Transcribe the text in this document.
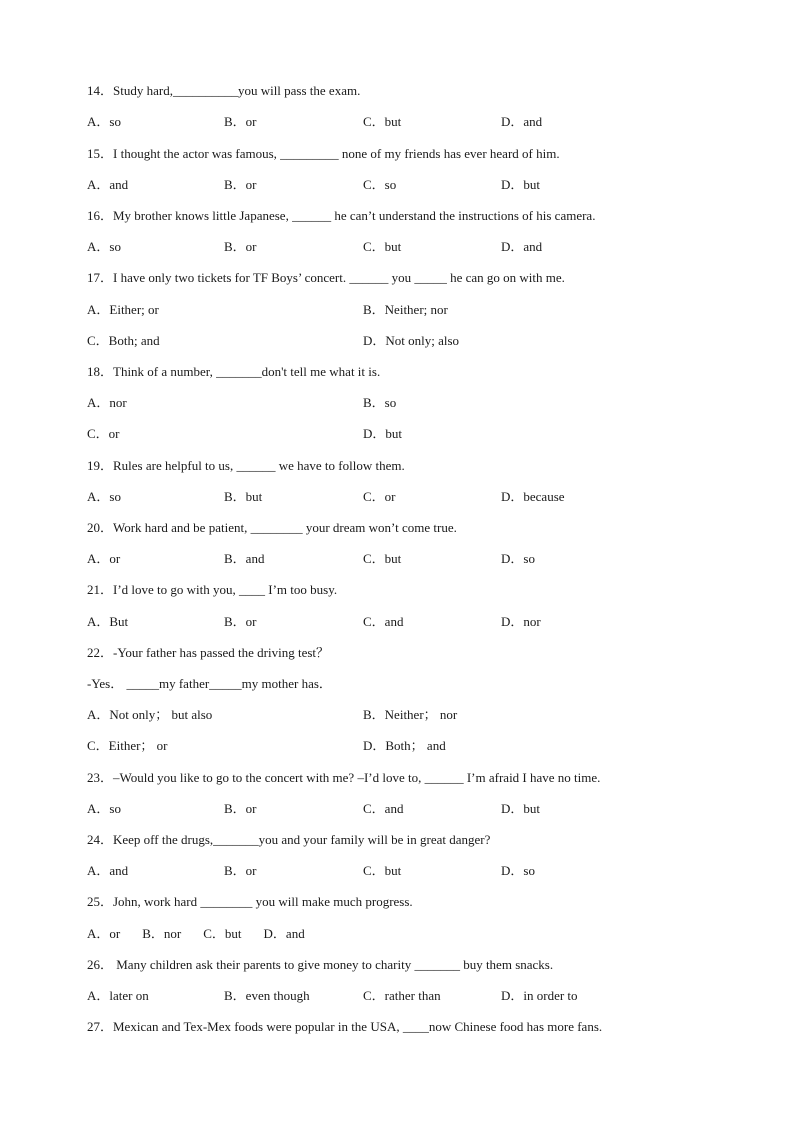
14．Study hard,__________you will pass the exam.
A．so	B．or	C．but	D．and
15．I thought the actor was famous, _________ none of my friends has ever heard of him.
A．and	B．or	C．so	D．but
16．My brother knows little Japanese, ______ he can’t understand the instructions of his camera.
A．so	B．or	C．but	D．and
17．I have only two tickets for TF Boys’ concert. ______ you _____ he can go on with me.
A．Either; or	B．Neither; nor
C．Both; and	D．Not only; also
18．Think of a number, _______don't tell me what it is.
A．nor	B．so
C．or	D．but
19．Rules are helpful to us, ______ we have to follow them.
A．so	B．but	C．or	D．because
20．Work hard and be patient, ________ your dream won’t come true.
A．or	B．and	C．but	D．so
21．I’d love to go with you, ____ I’m too busy.
A．But	B．or	C．and	D．nor
22．-Your father has passed the driving test？
-Yes． _____my father_____my mother has．
A．Not only； but also	B．Neither； nor
C．Either； or	D．Both； and
23．–Would you like to go to the concert with me? –I’d love to, ______ I’m afraid I have no time.
A．so	B．or	C．and	D．but
24．Keep off the drugs,_______you and your family will be in great danger?
A．and	B．or	C．but	D．so
25．John, work hard ________ you will make much progress.
A．or B．nor C．but D．and
26． Many children ask their parents to give money to charity _______ buy them snacks.
A．later on	B．even though	C．rather than	D．in order to
27．Mexican and Tex-Mex foods were popular in the USA, ____now Chinese food has more fans.
